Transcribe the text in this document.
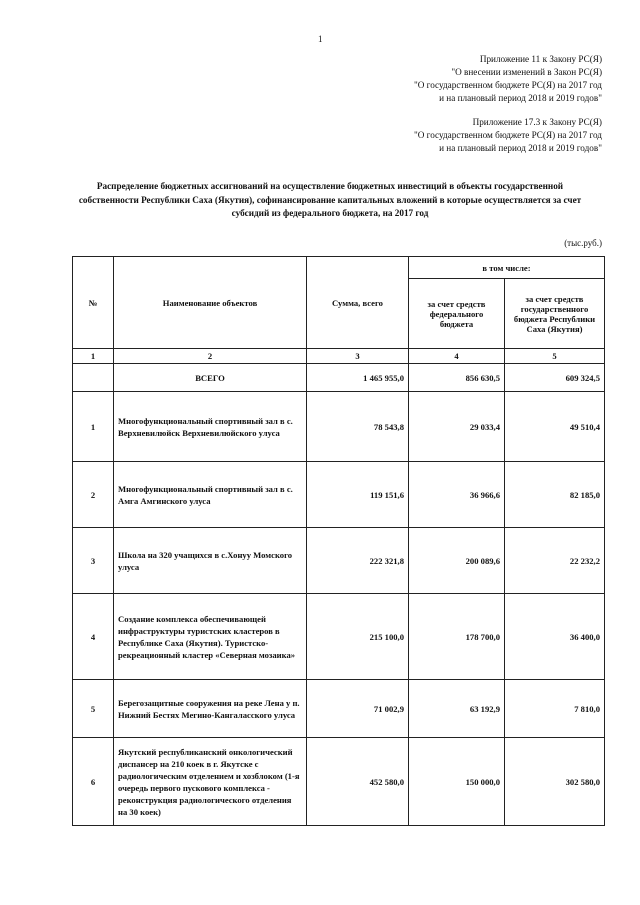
1
Приложение 11 к Закону РС(Я)
"О внесении изменений в Закон РС(Я)
"О государственном бюджете РС(Я) на 2017 год
и на плановый период 2018 и 2019 годов"
Приложение 17.3 к Закону РС(Я)
"О государственном бюджете РС(Я) на 2017 год
и на плановый период 2018 и 2019 годов"
Распределение бюджетных ассигнований на осуществление бюджетных инвестиций в объекты государственной
собственности Республики Саха (Якутия), софинансирование капитальных вложений в которые осуществляется за счет
субсидий из федерального бюджета, на 2017 год
(тыс.руб.)
№	Наименование объектов	Сумма, всего	в том числе:	
			за счет средств федерального бюджета	за счет средств государственного бюджета Республики Саха (Якутия)
1	2	3	4	5
	ВСЕГО	1 465 955,0	856 630,5	609 324,5
1	Многофункциональный спортивный зал в с. Верхневилюйск Верхневилюйского улуса	78 543,8	29 033,4	49 510,4
2	Многофункциональный спортивный зал в с. Амга Амгинского улуса	119 151,6	36 966,6	82 185,0
3	Школа на 320 учащихся в с.Хонуу Момского улуса	222 321,8	200 089,6	22 232,2
4	Создание комплекса обеспечивающей инфраструктуры туристских кластеров в Республике Саха (Якутия). Туристско-рекреационный кластер «Северная мозаика»	215 100,0	178 700,0	36 400,0
5	Берегозащитные сооружения на реке Лена у п. Нижний Бестях Мегино-Кангаласского улуса	71 002,9	63 192,9	7 810,0
6	Якутский республиканский онкологический диспансер на 210 коек в г. Якутске с радиологическим отделением и хозблоком (1-я очередь первого пускового комплекса - реконструкция радиологического отделения на 30 коек)	452 580,0	150 000,0	302 580,0
